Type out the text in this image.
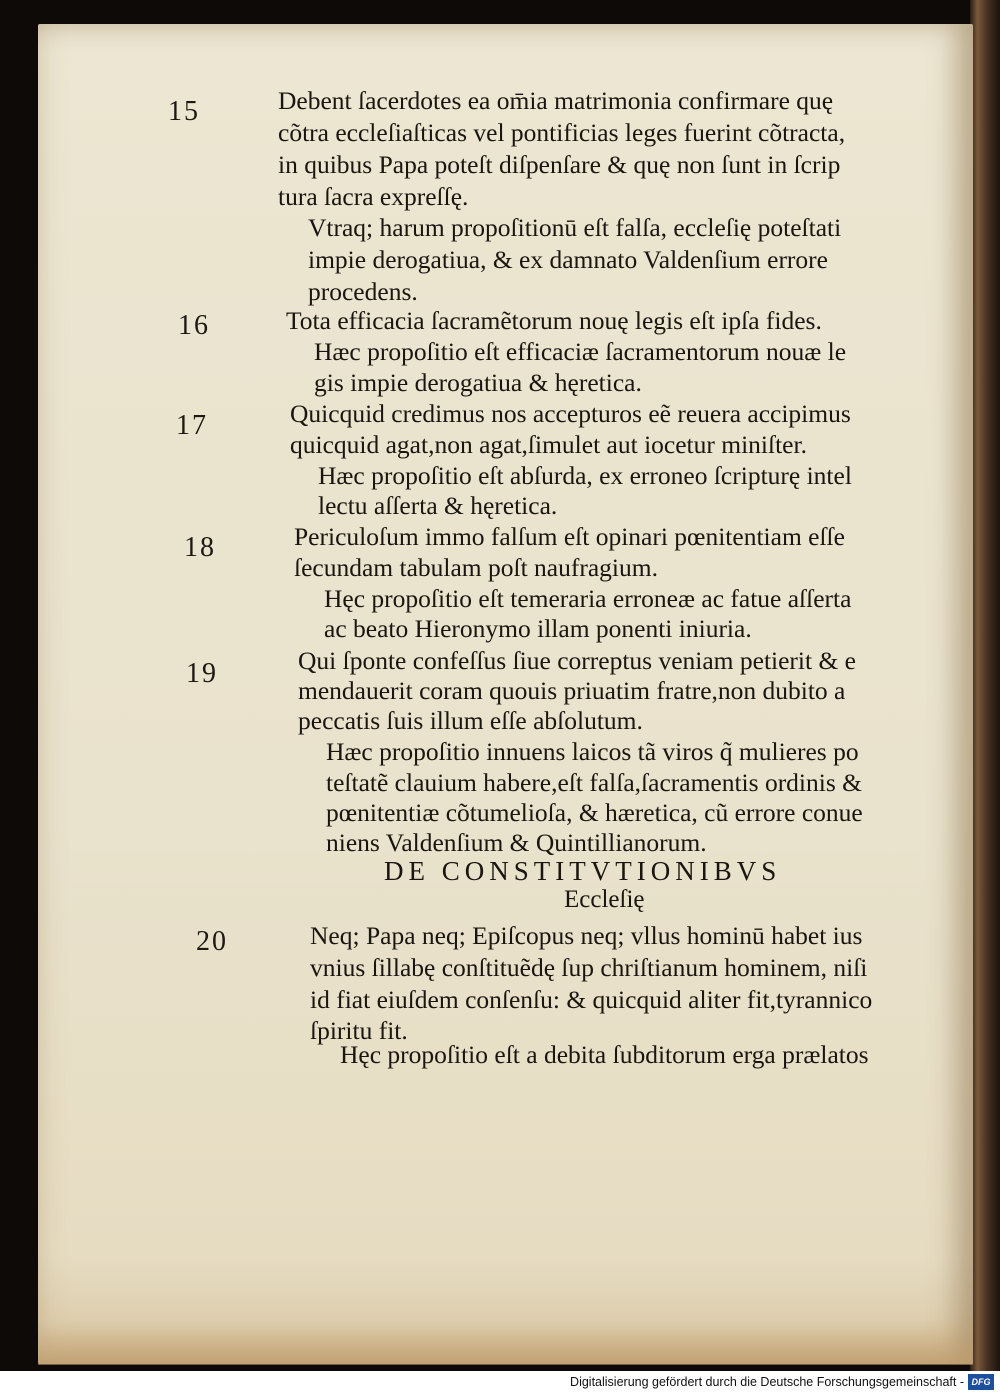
15
16
17
18
19
20
Debent ſacerdotes ea om̄ia matrimonia confirmare quę
cõtra eccleſiaſticas vel pontificias leges fuerint cõtracta,
in quibus Papa poteſt diſpenſare & quę non ſunt in ſcrip
tura ſacra expreſſę.
Vtraq; harum propoſitionū eſt falſa, eccleſię poteſtati
impie derogatiua, & ex damnato Valdenſium errore
procedens.
Tota efficacia ſacramẽtorum nouę legis eſt ipſa fides.
Hæc propoſitio eſt efficaciæ ſacramentorum nouæ le
gis impie derogatiua & hęretica.
Quicquid credimus nos accepturos eẽ reuera accipimus
quicquid agat,non agat,ſimulet aut iocetur miniſter.
Hæc propoſitio eſt abſurda, ex erroneo ſcripturę intel
lectu aſſerta & hęretica.
Periculoſum immo falſum eſt opinari pœnitentiam eſſe
ſecundam tabulam poſt naufragium.
Hęc propoſitio eſt temeraria erroneæ ac fatue aſſerta
ac beato Hieronymo illam ponenti iniuria.
Qui ſponte confeſſus ſiue correptus veniam petierit & e
mendauerit coram quouis priuatim fratre,non dubito a
peccatis ſuis illum eſſe abſolutum.
Hæc propoſitio innuens laicos tã viros q̃ mulieres po
teſtatẽ clauium habere,eſt falſa,ſacramentis ordinis &
pœnitentiæ cõtumelioſa, & hæretica, cũ errore conue
niens Valdenſium & Quintillianorum.
DE CONSTITVTIONIBVS
Eccleſię
Neq; Papa neq; Epiſcopus neq; vllus hominū habet ius
vnius ſillabę conſtituẽdę ſup chriſtianum hominem, niſi
id fiat eiuſdem conſenſu: & quicquid aliter fit,tyrannico
ſpiritu fit.
Hęc propoſitio eſt a debita ſubditorum erga prælatos
Digitalisierung gefördert durch die Deutsche Forschungsgemeinschaft - DFG
